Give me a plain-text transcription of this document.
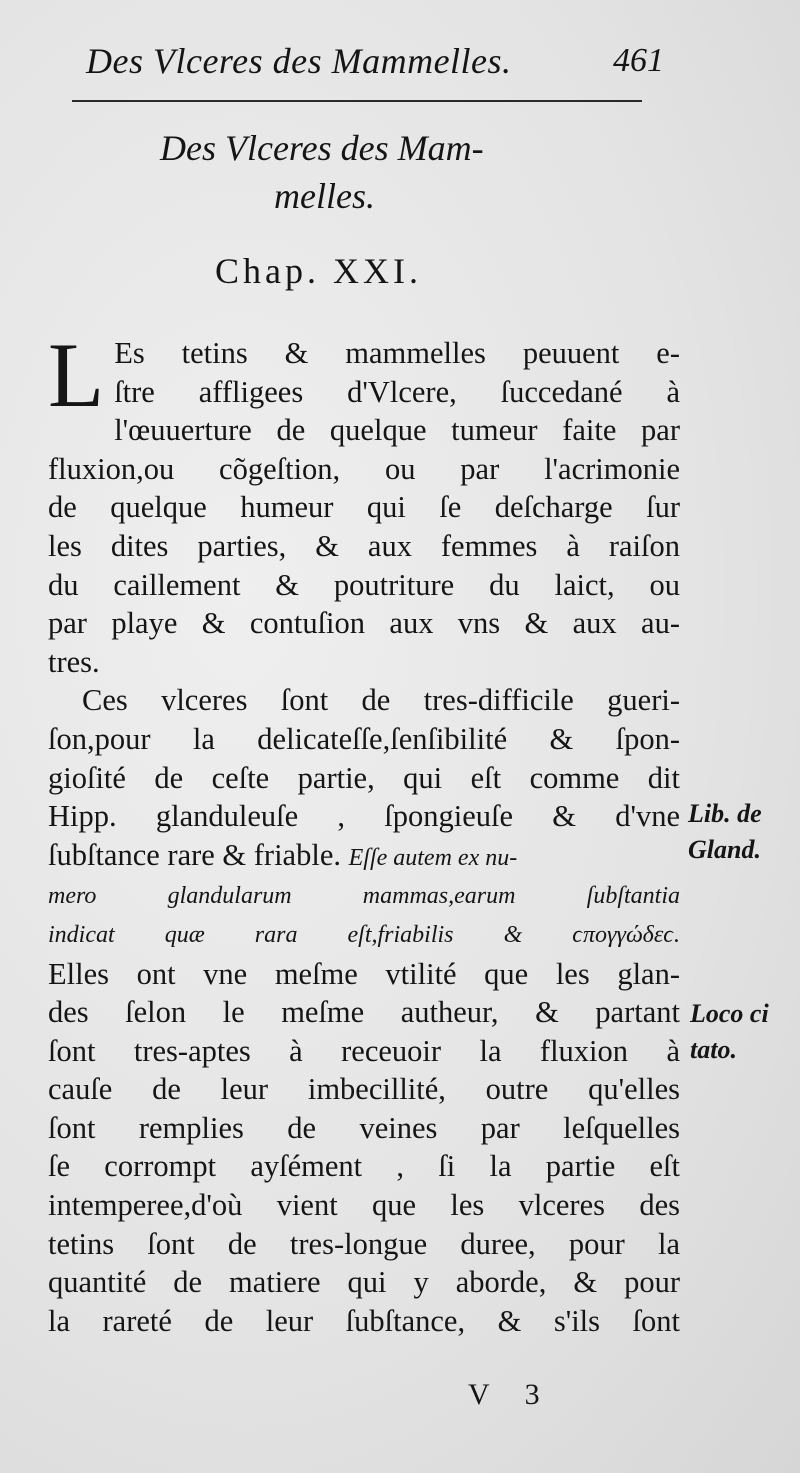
Des Vlceres des Mammelles.	461
Des Vlceres des Mam-
melles.
Chap. XXI.
L Es tetins & mammelles peuuent e-
ſtre affligees d'Vlcere, ſuccedané à
l'œuuerture de quelque tumeur faite par
fluxion,ou cõgeſtion, ou par l'acrimonie
de quelque humeur qui ſe deſcharge ſur
les dites parties, & aux femmes à raiſon
du caillement & poutriture du laict, ou
par playe & contuſion aux vns & aux au-
tres.
Ces vlceres ſont de tres-difficile gueri-
ſon,pour la delicateſſe,ſenſibilité & ſpon-
gioſité de ceſte partie, qui eſt comme dit
Hipp. glanduleuſe , ſpongieuſe & d'vne
ſubſtance rare & friable. Eſſe autem ex nu-
mero glandularum mammas,earum ſubſtantia
indicat quæ rara eſt,friabilis & ϲπογγώδεϲ.
Elles ont vne meſme vtilité que les glan-
des ſelon le meſme autheur, & partant
ſont tres-aptes à receuoir la fluxion à
cauſe de leur imbecillité, outre qu'elles
ſont remplies de veines par leſquelles
ſe corrompt ayſément , ſi la partie eſt
intemperee,d'où vient que les vlceres des
tetins ſont de tres-longue duree, pour la
quantité de matiere qui y aborde, & pour
la rareté de leur ſubſtance, & s'ils ſont
Lib. de
Gland.
Loco ci
tato.
V 3
